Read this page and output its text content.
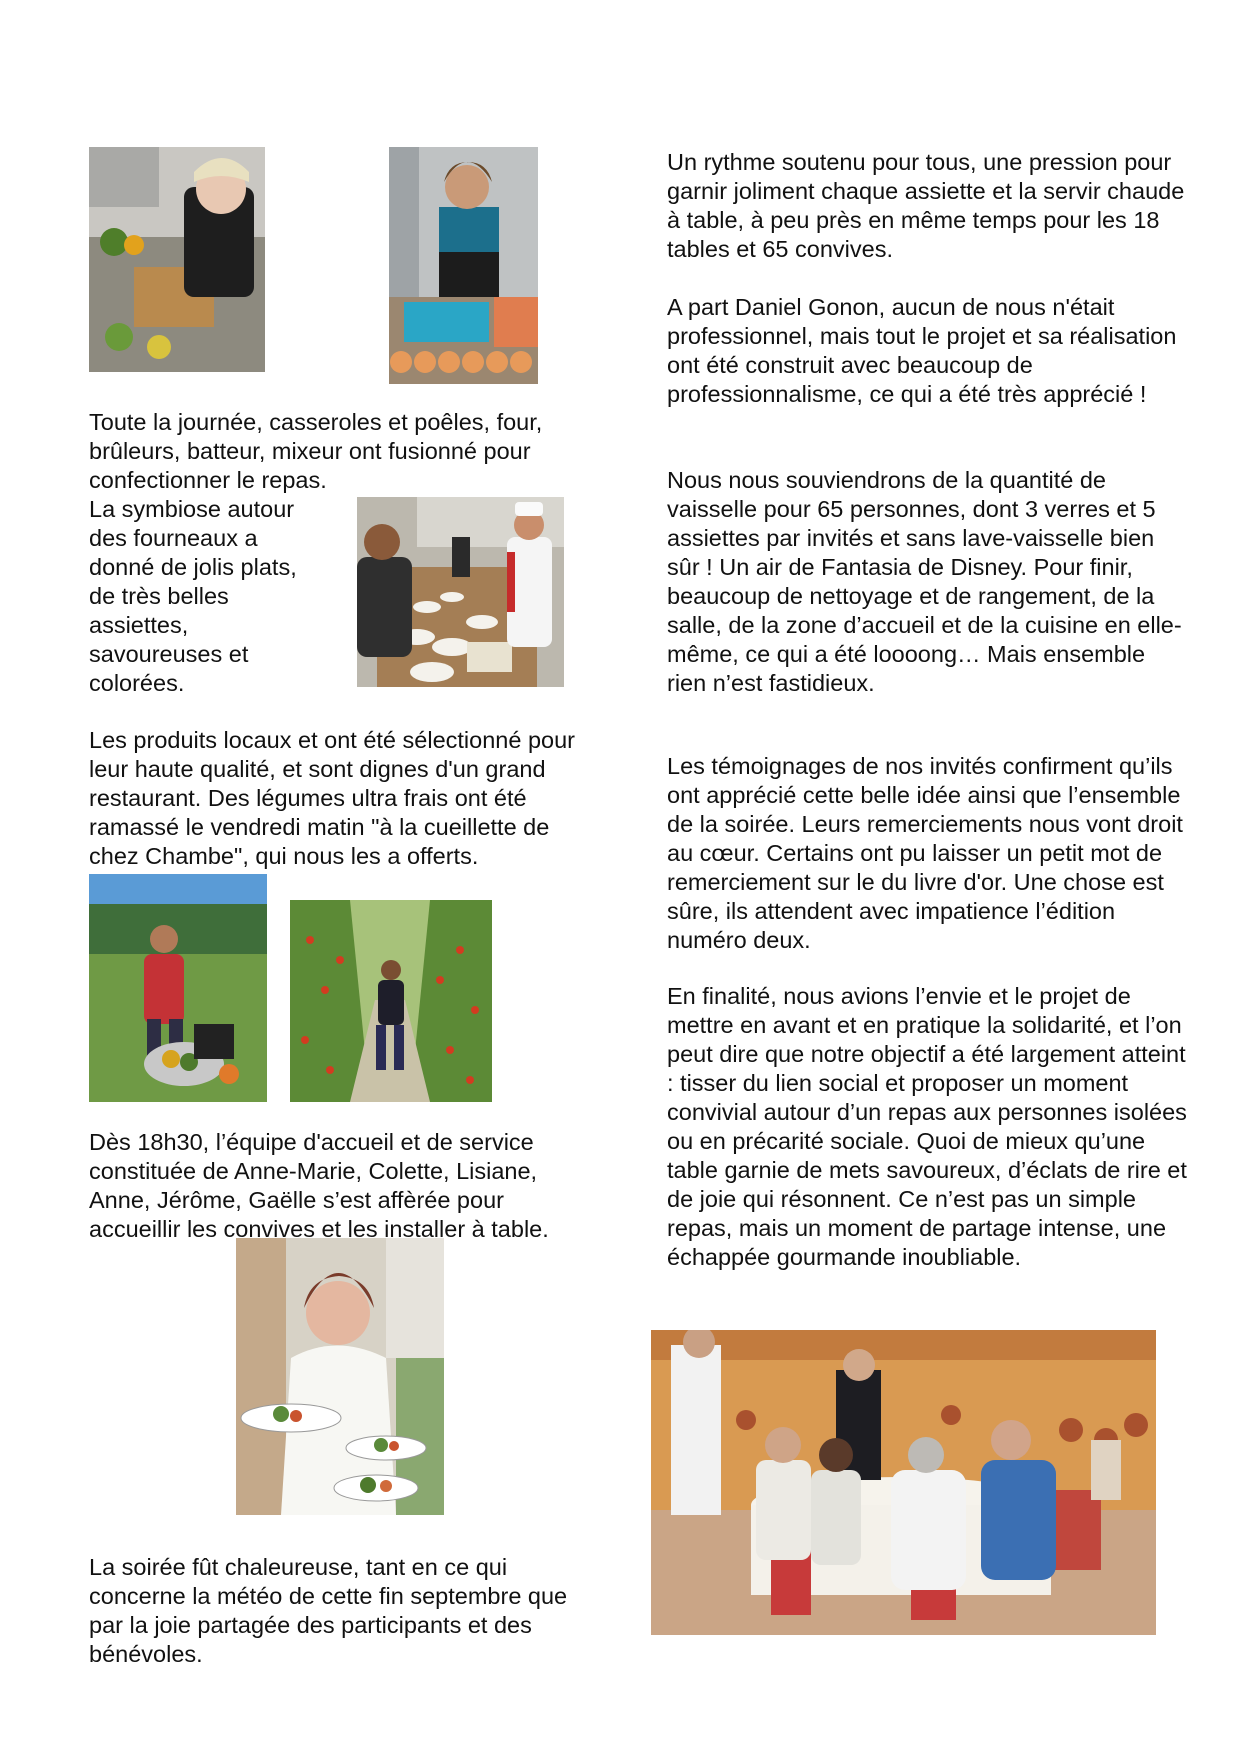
Toute la journée, casseroles et poêles, four, brûleurs, batteur, mixeur ont fusionné pour confectionner le repas.

La symbiose autour des fourneaux a donné de jolis plats, de très belles assiettes, savoureuses et colorées.

Les produits locaux et ont été sélectionné pour leur haute qualité, et sont dignes d'un grand restaurant. Des légumes ultra frais ont été ramassé le vendredi matin "à la cueillette de chez Chambe", qui nous les a offerts.

Dès 18h30, l’équipe d'accueil et de service constituée de Anne-Marie, Colette, Lisiane, Anne, Jérôme, Gaëlle s’est affèrée pour accueillir les convives et les installer à table.

La soirée fût chaleureuse, tant en ce qui concerne la météo de cette fin septembre que par la joie partagée des participants et des bénévoles.

Un rythme soutenu pour tous, une pression pour garnir joliment chaque assiette et la servir chaude à table, à peu près en même temps pour les 18 tables et 65 convives.

A part Daniel Gonon, aucun de nous n'était professionnel, mais tout le projet et sa réalisation ont été construit avec beaucoup de professionnalisme, ce qui a été très apprécié !

Nous nous souviendrons de la quantité de vaisselle pour 65 personnes, dont 3 verres et 5 assiettes par invités et sans lave-vaisselle bien sûr ! Un air de Fantasia de Disney. Pour finir, beaucoup de nettoyage et de rangement, de la salle, de la zone d’accueil et de la cuisine en elle-même, ce qui a été loooong… Mais ensemble rien n’est fastidieux.

Les témoignages de nos invités confirment qu’ils ont apprécié cette belle idée ainsi que l’ensemble de la soirée. Leurs remerciements nous vont droit au cœur. Certains ont pu laisser un petit mot de remerciement sur le du livre d'or. Une chose est sûre, ils attendent avec impatience l’édition numéro deux.

En finalité, nous avions l’envie et le projet de mettre en avant et en pratique la solidarité, et l’on peut dire que notre objectif a été largement atteint : tisser du lien social et proposer un moment convivial autour d’un repas aux personnes isolées ou en précarité sociale. Quoi de mieux qu’une table garnie de mets savoureux, d’éclats de rire et de joie qui résonnent. Ce n’est pas un simple repas, mais un moment de partage intense, une échappée gourmande inoubliable.
